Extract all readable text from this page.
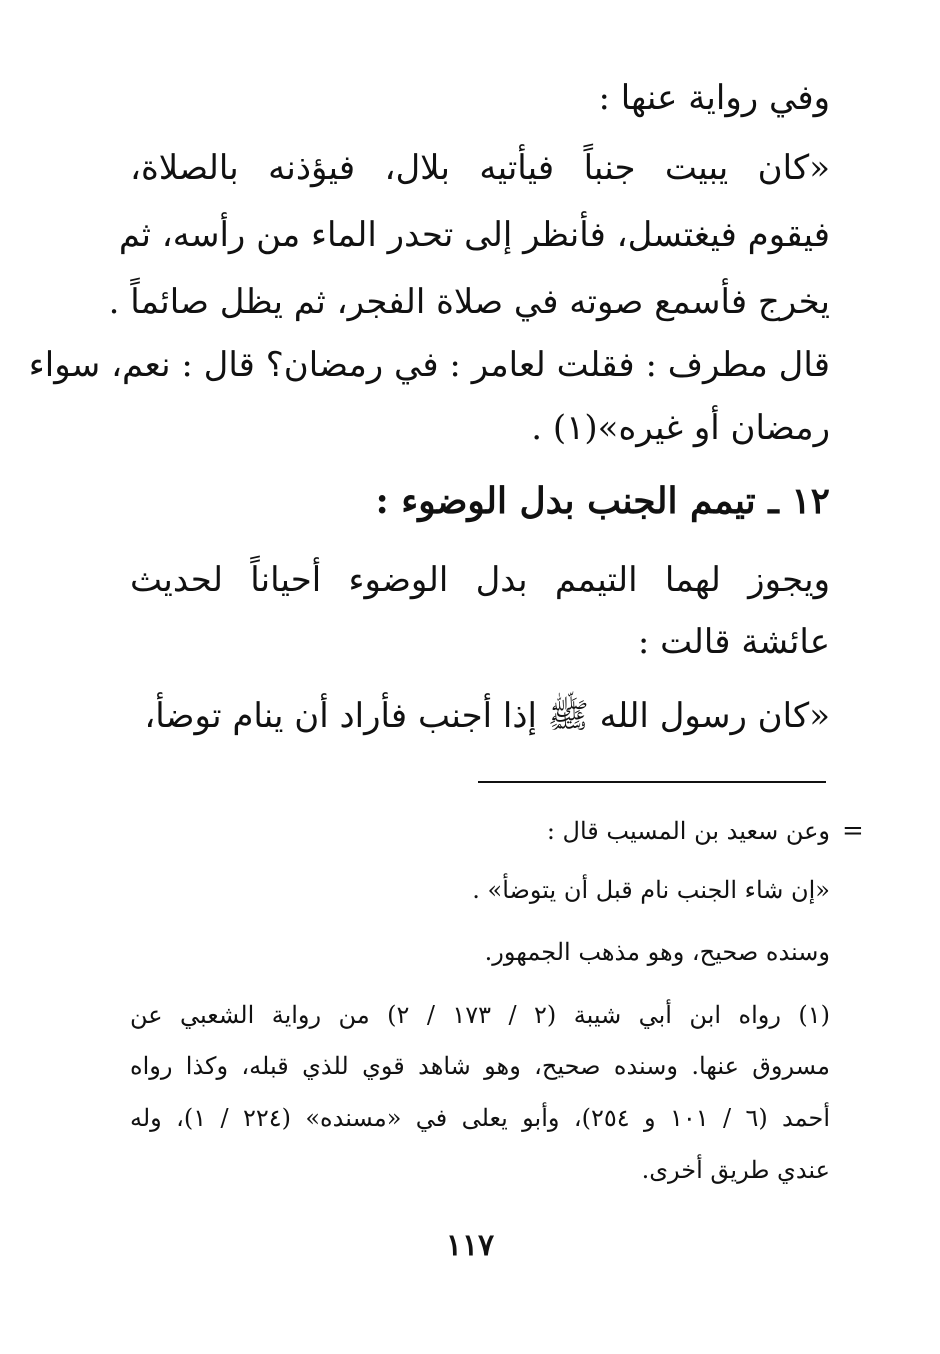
وفي رواية عنها :
«كان يبيت جنباً فيأتيه بلال، فيؤذنه بالصلاة،
فيقوم فيغتسل، فأنظر إلى تحدر الماء من رأسه، ثم
يخرج فأسمع صوته في صلاة الفجر، ثم يظل صائماً .
قال مطرف : فقلت لعامر : في رمضان؟ قال : نعم، سواء
رمضان أو غيره»(١) .
١٢ ـ تيمم الجنب بدل الوضوء :
ويجوز لهما التيمم بدل الوضوء أحياناً لحديث
عائشة قالت :
«كان رسول الله ﷺ إذا أجنب فأراد أن ينام توضأ،
=
وعن سعيد بن المسيب قال :
«إن شاء الجنب نام قبل أن يتوضأ» .
وسنده صحيح، وهو مذهب الجمهور.
(١) رواه ابن أبي شيبة (٢ / ١٧٣ / ٢) من رواية الشعبي عن
مسروق عنها. وسنده صحيح، وهو شاهد قوي للذي قبله، وكذا رواه
أحمد (٦ / ١٠١ و ٢٥٤)، وأبو يعلى في «مسنده» (٢٢٤ / ١)، وله
عندي طريق أخرى.
١١٧
